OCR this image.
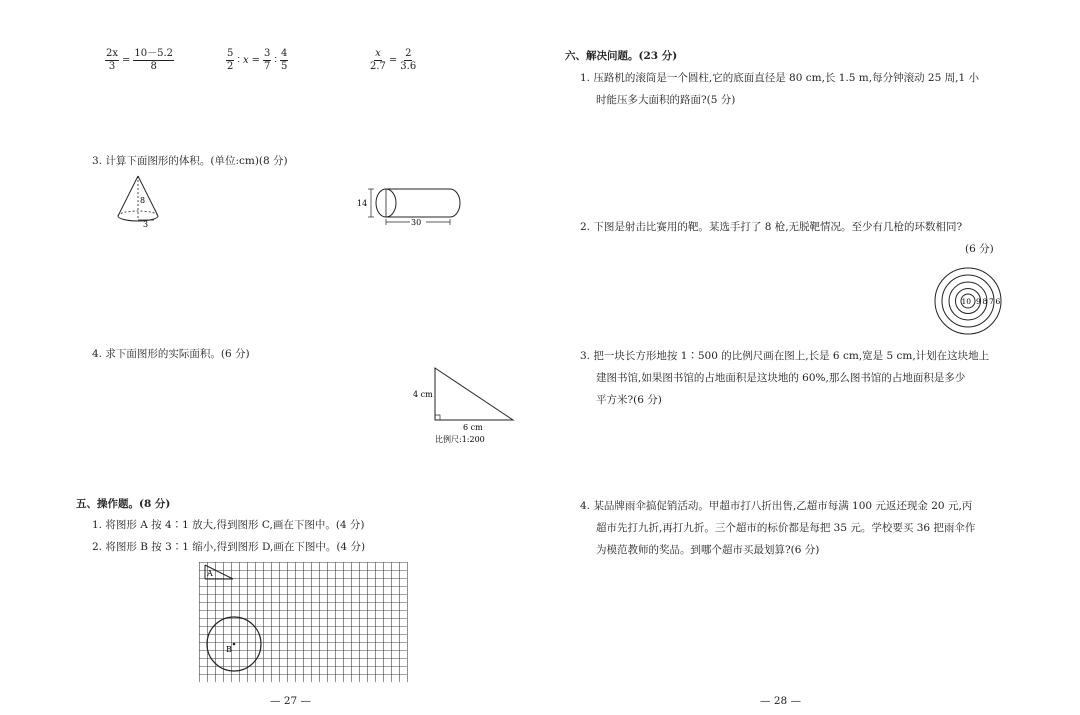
$\frac{2x}{3} = \frac{10-5.2}{8}$	$\frac{5}{2}$ ∶ $x = \frac{3}{7}$ ∶ $\frac{4}{5}$	$\frac{x}{2.7} = \frac{2}{3.6}$
3. 计算下面图形的体积。(单位:cm)(8 分)
8
3
14
30
4. 求下面图形的实际面积。(6 分)
4 cm
6 cm
比例尺:1:200
五、操作题。(8 分)
1. 将图形 A 按 4∶1 放大,得到图形 C,画在下图中。(4 分)
2. 将图形 B 按 3∶1 缩小,得到图形 D,画在下图中。(4 分)
A
B
— 27 —
六、解决问题。(23 分)
1. 压路机的滚筒是一个圆柱,它的底面直径是 80 cm,长 1.5 m,每分钟滚动 25 周,1 小
时能压多大面积的路面?(5 分)
2. 下图是射击比赛用的靶。某选手打了 8 枪,无脱靶情况。至少有几枪的环数相同?
(6 分)
10 9 8 7 6
3. 把一块长方形地按 1∶500 的比例尺画在图上,长是 6 cm,宽是 5 cm,计划在这块地上
建图书馆,如果图书馆的占地面积是这块地的 60%,那么图书馆的占地面积是多少
平方米?(6 分)
4. 某品牌雨伞搞促销活动。甲超市打八折出售,乙超市每满 100 元返还现金 20 元,丙
超市先打九折,再打九折。三个超市的标价都是每把 35 元。学校要买 36 把雨伞作
为模范教师的奖品。到哪个超市买最划算?(6 分)
— 28 —
